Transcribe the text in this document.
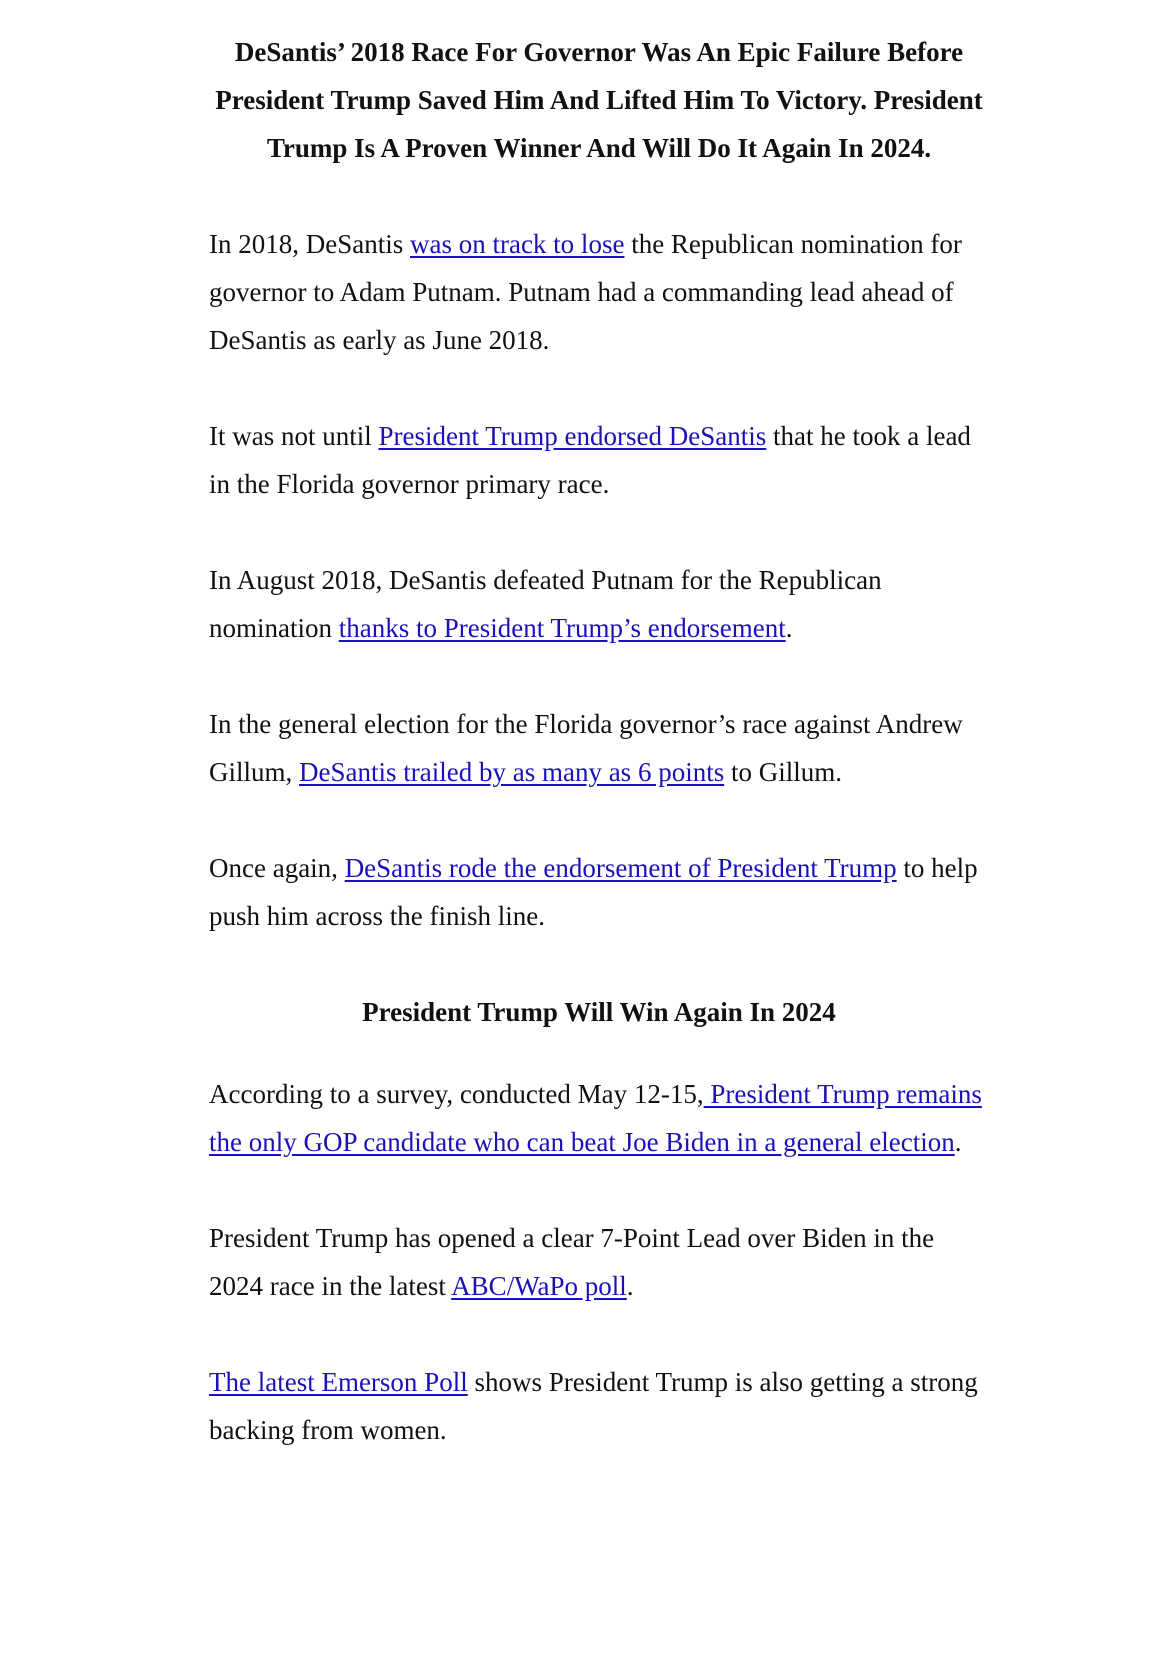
DeSantis’ 2018 Race For Governor Was An Epic Failure Before President Trump Saved Him And Lifted Him To Victory. President Trump Is A Proven Winner And Will Do It Again In 2024.

In 2018, DeSantis was on track to lose the Republican nomination for governor to Adam Putnam. Putnam had a commanding lead ahead of DeSantis as early as June 2018.

It was not until President Trump endorsed DeSantis that he took a lead in the Florida governor primary race.

In August 2018, DeSantis defeated Putnam for the Republican nomination thanks to President Trump’s endorsement.

In the general election for the Florida governor’s race against Andrew Gillum, DeSantis trailed by as many as 6 points to Gillum.

Once again, DeSantis rode the endorsement of President Trump to help push him across the finish line.

President Trump Will Win Again In 2024

According to a survey, conducted May 12-15, President Trump remains the only GOP candidate who can beat Joe Biden in a general election.

President Trump has opened a clear 7-Point Lead over Biden in the 2024 race in the latest ABC/WaPo poll.

The latest Emerson Poll shows President Trump is also getting a strong backing from women.
